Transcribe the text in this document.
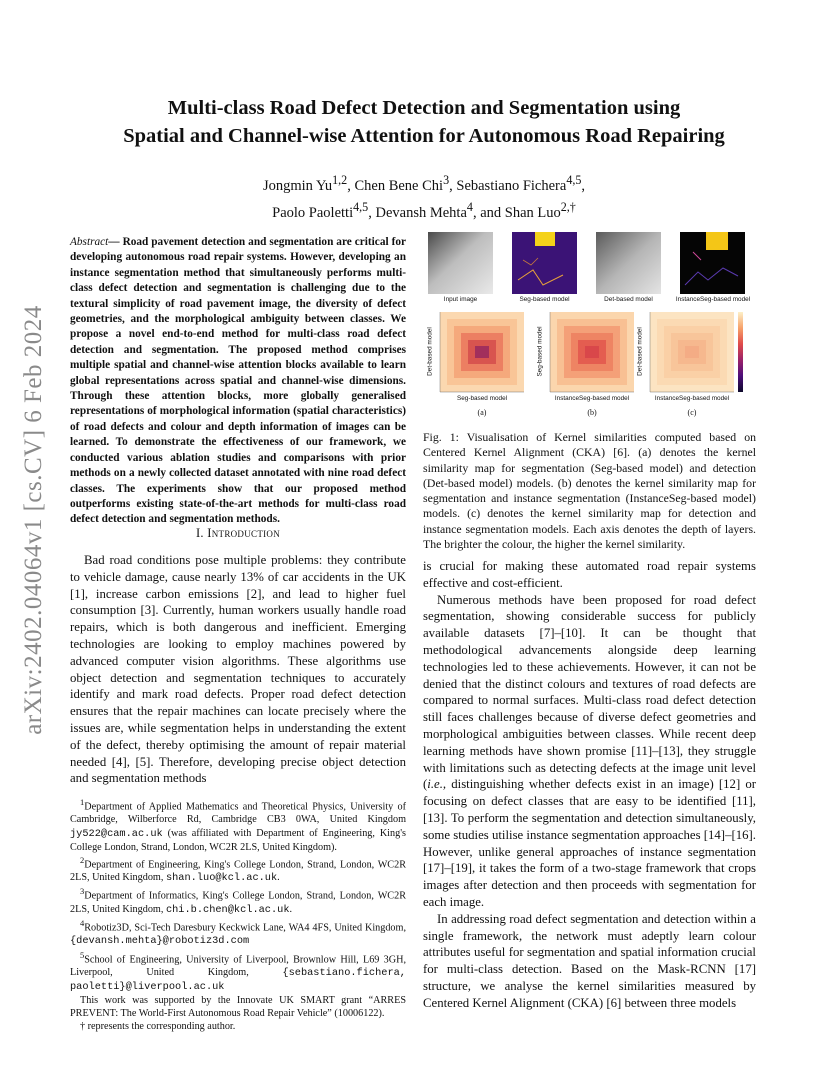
arXiv:2402.04064v1 [cs.CV] 6 Feb 2024
Multi-class Road Defect Detection and Segmentation using
Spatial and Channel-wise Attention for Autonomous Road Repairing
Jongmin Yu$^{1,2}$, Chen Bene Chi$^3$, Sebastiano Fichera$^{4,5}$,
Paolo Paoletti$^{4,5}$, Devansh Mehta$^4$, and Shan Luo$^{2,\dagger}$
Abstract— Road pavement detection and segmentation are critical for developing autonomous road repair systems. However, developing an instance segmentation method that simultaneously performs multi-class defect detection and segmentation is challenging due to the textural simplicity of road pavement image, the diversity of defect geometries, and the morphological ambiguity between classes. We propose a novel end-to-end method for multi-class road defect detection and segmentation. The proposed method comprises multiple spatial and channel-wise attention blocks available to learn global representations across spatial and channel-wise dimensions. Through these attention blocks, more globally generalised representations of morphological information (spatial characteristics) of road defects and colour and depth information of images can be learned. To demonstrate the effectiveness of our framework, we conducted various ablation studies and comparisons with prior methods on a newly collected dataset annotated with nine road defect classes. The experiments show that our proposed method outperforms existing state-of-the-art methods for multi-class road defect detection and segmentation methods.
I. Introduction

Bad road conditions pose multiple problems: they contribute to vehicle damage, cause nearly 13% of car accidents in the UK [1], increase carbon emissions [2], and lead to higher fuel consumption [3]. Currently, human workers usually handle road repairs, which is both dangerous and inefficient. Emerging technologies are looking to employ machines powered by advanced computer vision algorithms. These algorithms use object detection and segmentation techniques to accurately identify and mark road defects. Proper road defect detection ensures that the repair machines can locate precisely where the issues are, while segmentation helps in understanding the extent of the defect, thereby optimising the amount of repair material needed [4], [5]. Therefore, developing precise object detection and segmentation methods

$^1$Department of Applied Mathematics and Theoretical Physics, University of Cambridge, Wilberforce Rd, Cambridge CB3 0WA, United Kingdom jy522@cam.ac.uk (was affiliated with Department of Engineering, King's College London, Strand, London, WC2R 2LS, United Kingdom).

$^2$Department of Engineering, King's College London, Strand, London, WC2R 2LS, United Kingdom, shan.luo@kcl.ac.uk.

$^3$Department of Informatics, King's College London, Strand, London, WC2R 2LS, United Kingdom, chi.b.chen@kcl.ac.uk.

$^4$Robotiz3D, Sci-Tech Daresbury Keckwick Lane, WA4 4FS, United Kingdom, {devansh.mehta}@robotiz3d.com

$^5$School of Engineering, University of Liverpool, Brownlow Hill, L69 3GH, Liverpool, United Kingdom, {sebastiano.fichera, paoletti}@liverpool.ac.uk

This work was supported by the Innovate UK SMART grant “ARRES PREVENT: The World-First Autonomous Road Repair Vehicle” (10006122).

† represents the corresponding author.

Input image	Seg-based model	Det-based model	InstanceSeg-based model
Det-based model
Seg-based model
(a)
Seg-based model
InstanceSeg-based model
(b)
Det-based model
InstanceSeg-based model
(c)
Fig. 1: Visualisation of Kernel similarities computed based on Centered Kernel Alignment (CKA) [6]. (a) denotes the kernel similarity map for segmentation (Seg-based model) and detection (Det-based model) models. (b) denotes the kernel similarity map for segmentation and instance segmentation (InstanceSeg-based model) models. (c) denotes the kernel similarity map for detection and instance segmentation models. Each axis denotes the depth of layers. The brighter the colour, the higher the kernel similarity.

is crucial for making these automated road repair systems effective and cost-efficient.

Numerous methods have been proposed for road defect segmentation, showing considerable success for publicly available datasets [7]–[10]. It can be thought that methodological advancements alongside deep learning technologies led to these achievements. However, it can not be denied that the distinct colours and textures of road defects are compared to normal surfaces. Multi-class road defect detection still faces challenges because of diverse defect geometries and morphological ambiguities between classes. While recent deep learning methods have shown promise [11]–[13], they struggle with limitations such as detecting defects at the image unit level (i.e., distinguishing whether defects exist in an image) [12] or focusing on defect classes that are easy to be identified [11], [13]. To perform the segmentation and detection simultaneously, some studies utilise instance segmentation approaches [14]–[16]. However, unlike general approaches of instance segmentation [17]–[19], it takes the form of a two-stage framework that crops images after detection and then proceeds with segmentation for each image.

In addressing road defect segmentation and detection within a single framework, the network must adeptly learn colour attributes useful for segmentation and spatial information crucial for multi-class detection. Based on the Mask-RCNN [17] structure, we analyse the kernel similarities measured by Centered Kernel Alignment (CKA) [6] between three models
